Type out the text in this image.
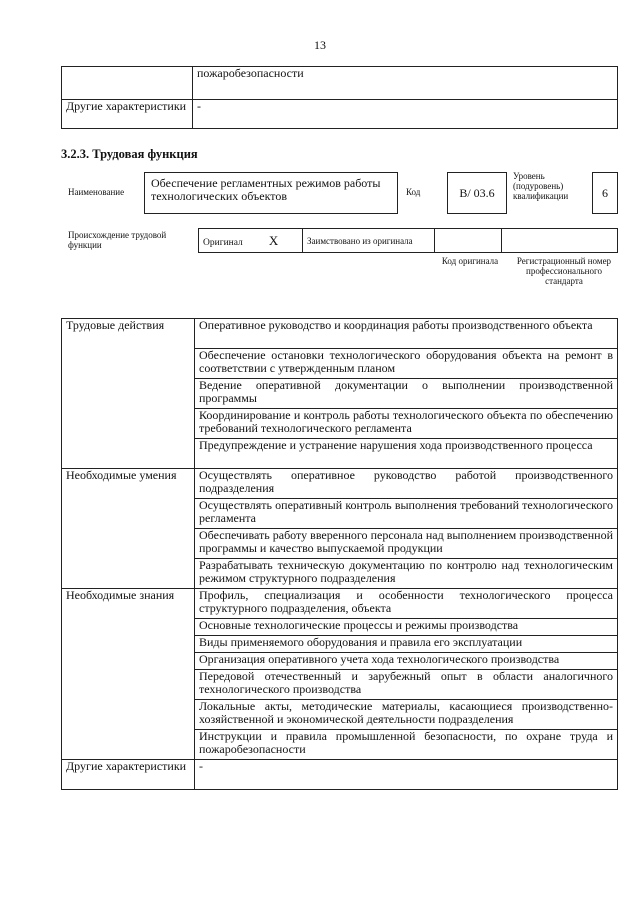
13
	пожаробезопасности
Другие характеристики	-
3.2.3. Трудовая функция
Наименование
Обеспечение регламентных режимов работы технологических объектов	Код	B/ 03.6
Уровень (подуровень) квалификации	6
Происхождение трудовой функции	Оригинал X	Заимствовано из оригинала		
Код оригинала	Регистрационный номер профессионального стандарта
Трудовые действия	Оперативное руководство и координация работы производственного объекта
	Обеспечение остановки технологического оборудования объекта на ремонт в соответствии с утвержденным планом
	Ведение оперативной документации о выполнении производственной программы
	Координирование и контроль работы технологического объекта по обеспечению требований технологического регламента
	Предупреждение и устранение нарушения хода производственного процесса
Необходимые умения	Осуществлять оперативное руководство работой производственного подразделения
	Осуществлять оперативный контроль выполнения требований технологического регламента
	Обеспечивать работу вверенного персонала над выполнением производственной программы и качество выпускаемой продукции
	Разрабатывать техническую документацию по контролю над технологическим режимом структурного подразделения
Необходимые знания	Профиль, специализация и особенности технологического процесса структурного подразделения, объекта
	Основные технологические процессы и режимы производства
	Виды применяемого оборудования и правила его эксплуатации
	Организация оперативного учета хода технологического производства
	Передовой отечественный и зарубежный опыт в области аналогичного технологического производства
	Локальные акты, методические материалы, касающиеся производственно-хозяйственной и экономической деятельности подразделения
	Инструкции и правила промышленной безопасности, по охране труда и пожаробезопасности
Другие характеристики	-
